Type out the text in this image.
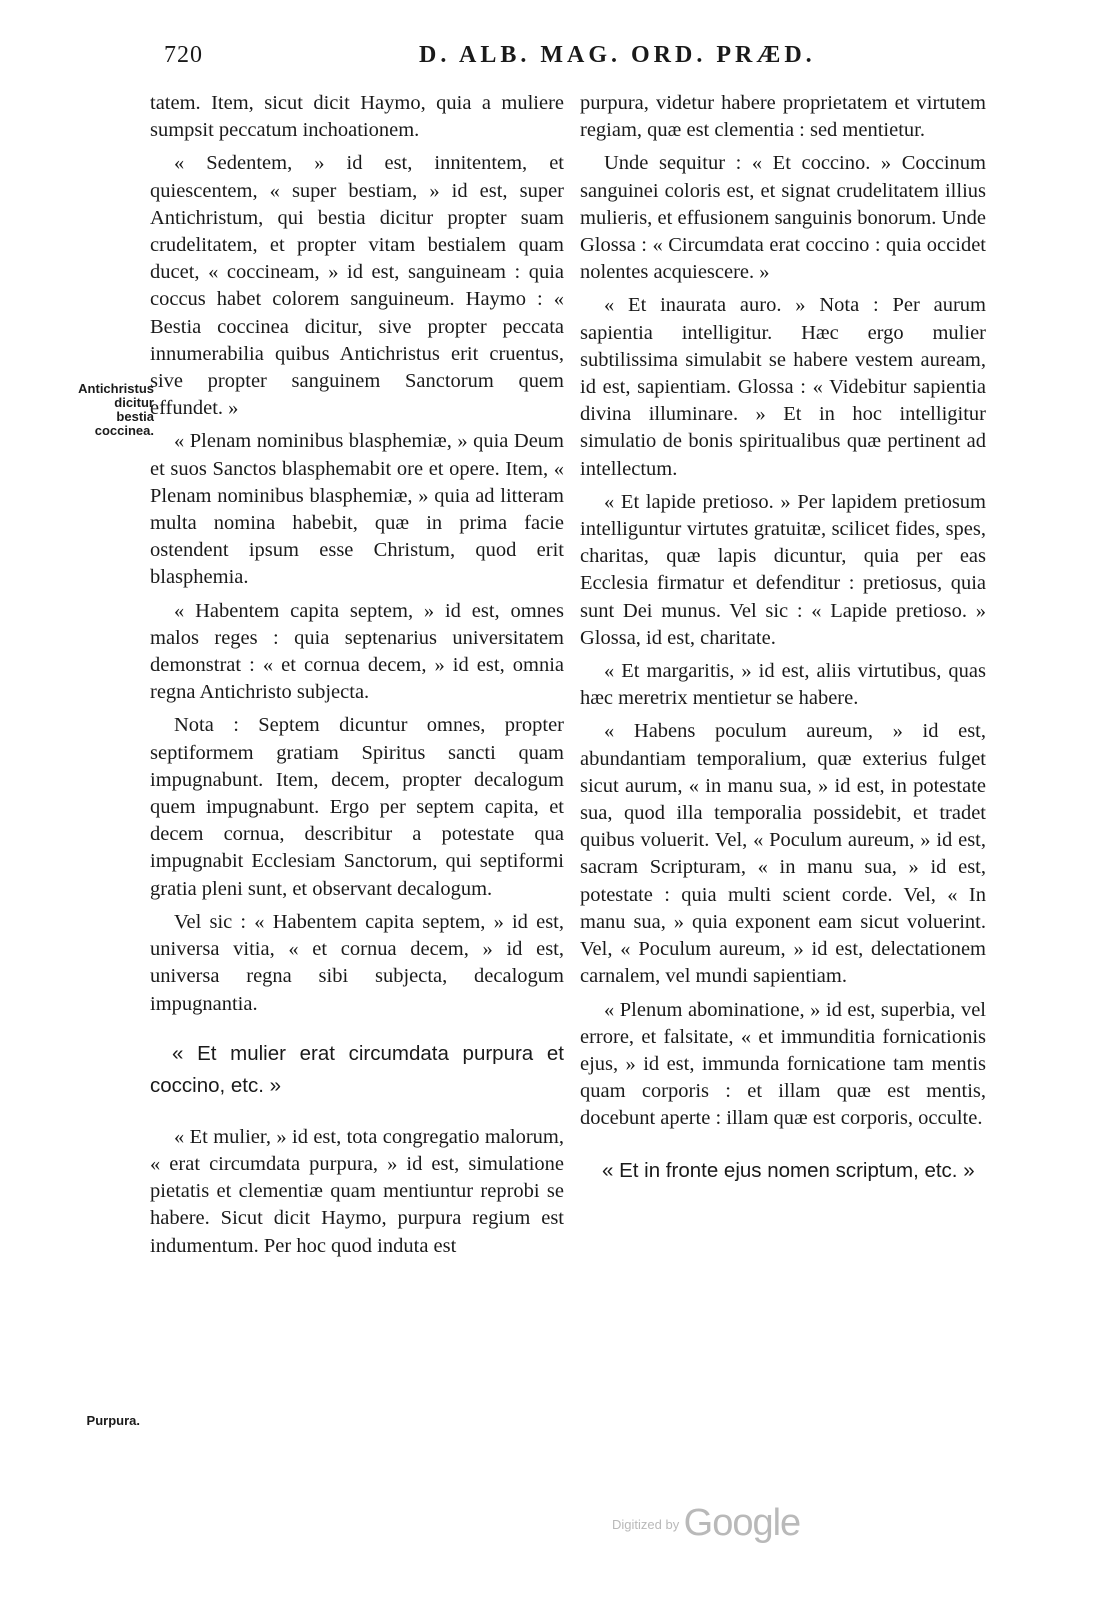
720	D. ALB. MAG. ORD. PRÆD.
Antichristus dicitur bestia coccinea.
Purpura.

tatem. Item, sicut dicit Haymo, quia a muliere sumpsit peccatum inchoationem.

« Sedentem, » id est, innitentem, et quiescentem, « super bestiam, » id est, super Antichristum, qui bestia dicitur propter suam crudelitatem, et propter vitam bestialem quam ducet, « coccineam, » id est, sanguineam : quia coccus habet colorem sanguineum. Haymo : « Bestia coccinea dicitur, sive propter peccata innumerabilia quibus Antichristus erit cruentus, sive propter sanguinem Sanctorum quem effundet. »

« Plenam nominibus blasphemiæ, » quia Deum et suos Sanctos blasphemabit ore et opere. Item, « Plenam nominibus blasphemiæ, » quia ad litteram multa nomina habebit, quæ in prima facie ostendent ipsum esse Christum, quod erit blasphemia.

« Habentem capita septem, » id est, omnes malos reges : quia septenarius universitatem demonstrat : « et cornua decem, » id est, omnia regna Antichristo subjecta.

Nota : Septem dicuntur omnes, propter septiformem gratiam Spiritus sancti quam impugnabunt. Item, decem, propter decalogum quem impugnabunt. Ergo per septem capita, et decem cornua, describitur a potestate qua impugnabit Ecclesiam Sanctorum, qui septiformi gratia pleni sunt, et observant decalogum.

Vel sic : « Habentem capita septem, » id est, universa vitia, « et cornua decem, » id est, universa regna sibi subjecta, decalogum impugnantia.

« Et mulier erat circumdata purpura et coccino, etc. »

« Et mulier, » id est, tota congregatio malorum, « erat circumdata purpura, » id est, simulatione pietatis et clementiæ quam mentiuntur reprobi se habere. Sicut dicit Haymo, purpura regium est indumentum. Per hoc quod induta est

purpura, videtur habere proprietatem et virtutem regiam, quæ est clementia : sed mentietur.

Unde sequitur : « Et coccino. » Coccinum sanguinei coloris est, et signat crudelitatem illius mulieris, et effusionem sanguinis bonorum. Unde Glossa : « Circumdata erat coccino : quia occidet nolentes acquiescere. »

« Et inaurata auro. » Nota : Per aurum sapientia intelligitur. Hæc ergo mulier subtilissima simulabit se habere vestem auream, id est, sapientiam. Glossa : « Videbitur sapientia divina illuminare. » Et in hoc intelligitur simulatio de bonis spiritualibus quæ pertinent ad intellectum.

« Et lapide pretioso. » Per lapidem pretiosum intelliguntur virtutes gratuitæ, scilicet fides, spes, charitas, quæ lapis dicuntur, quia per eas Ecclesia firmatur et defenditur : pretiosus, quia sunt Dei munus. Vel sic : « Lapide pretioso. » Glossa, id est, charitate.

« Et margaritis, » id est, aliis virtutibus, quas hæc meretrix mentietur se habere.

« Habens poculum aureum, » id est, abundantiam temporalium, quæ exterius fulget sicut aurum, « in manu sua, » id est, in potestate sua, quod illa temporalia possidebit, et tradet quibus voluerit. Vel, « Poculum aureum, » id est, sacram Scripturam, « in manu sua, » id est, potestate : quia multi scient corde. Vel, « In manu sua, » quia exponent eam sicut voluerint. Vel, « Poculum aureum, » id est, delectationem carnalem, vel mundi sapientiam.

« Plenum abominatione, » id est, superbia, vel errore, et falsitate, « et immunditia fornicationis ejus, » id est, immunda fornicatione tam mentis quam corporis : et illam quæ est mentis, docebunt aperte : illam quæ est corporis, occulte.

« Et in fronte ejus nomen scriptum, etc. »

$^{Digitized by}$ Google
